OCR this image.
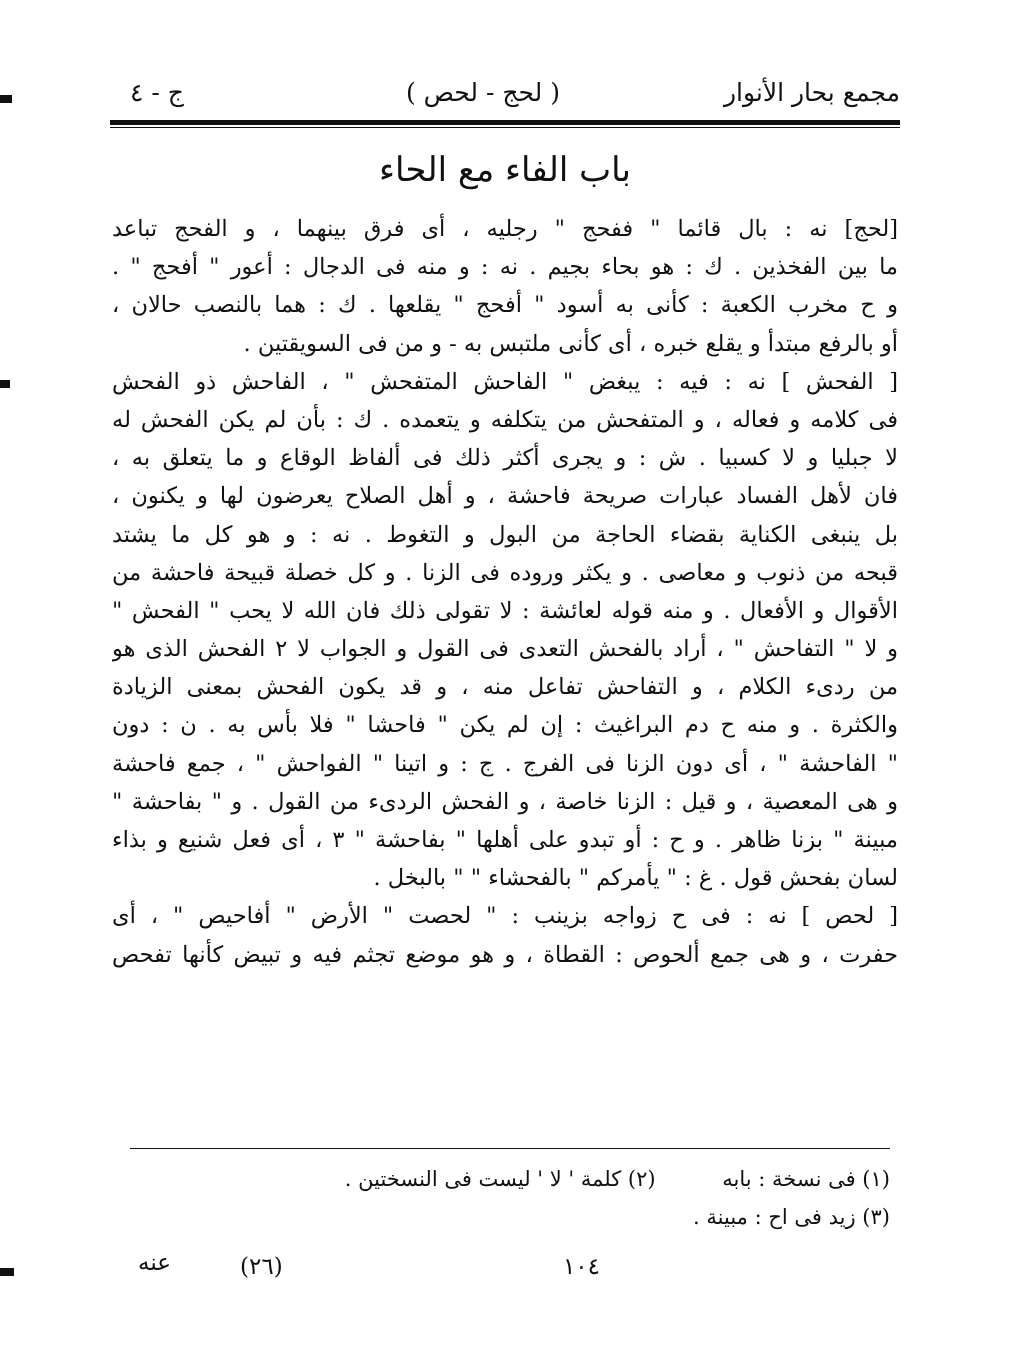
مجمع بحار الأنوار
( لحج - لحص )
ج - ٤
باب الفاء مع الحاء
[لحج] نه : بال قائما " ففحج " رجليه ، أى فرق بينهما ، و الفحج تباعد
ما بين الفخذين . ك : هو بحاء بجيم . نه : و منه فى الدجال : أعور " أفحج " .
و ح مخرب الكعبة : كأنى به أسود " أفحج " يقلعها . ك : هما بالنصب حالان ،
أو بالرفع مبتدأ و يقلع خبره ، أى كأنى ملتبس به - و من فى السويقتين .
[ الفحش ] نه : فيه : يبغض " الفاحش المتفحش " ، الفاحش ذو الفحش
فى كلامه و فعاله ، و المتفحش من يتكلفه و يتعمده . ك : بأن لم يكن الفحش له
لا جبليا و لا كسبيا . ش : و يجرى أكثر ذلك فى ألفاظ الوقاع و ما يتعلق به ،
فان لأهل الفساد عبارات صريحة فاحشة ، و أهل الصلاح يعرضون لها و يكنون ،
بل ينبغى الكناية بقضاء الحاجة من البول و التغوط . نه : و هو كل ما يشتد
قبحه من ذنوب و معاصى . و يكثر وروده فى الزنا . و كل خصلة قبيحة فاحشة من
الأقوال و الأفعال . و منه قوله لعائشة : لا تقولى ذلك فان الله لا يحب " الفحش "
و لا " التفاحش " ، أراد بالفحش التعدى فى القول و الجواب لا ٢ الفحش الذى هو
من ردىء الكلام ، و التفاحش تفاعل منه ، و قد يكون الفحش بمعنى الزيادة
والكثرة . و منه ح دم البراغيث : إن لم يكن " فاحشا " فلا بأس به . ن : دون
" الفاحشة " ، أى دون الزنا فى الفرج . ج : و اتينا " الفواحش " ، جمع فاحشة
و هى المعصية ، و قيل : الزنا خاصة ، و الفحش الردىء من القول . و " بفاحشة "
مبينة " بزنا ظاهر . و ح : أو تبدو على أهلها " بفاحشة " ٣ ، أى فعل شنيع و بذاء
لسان بفحش قول . غ : " يأمركم " بالفحشاء " " بالبخل .
[ لحص ] نه : فى ح زواجه بزينب : " لحصت " الأرض " أفاحيص " ، أى
حفرت ، و هى جمع ألحوص : القطاة ، و هو موضع تجثم فيه و تبيض كأنها تفحص
(١) فى نسخة : بابه (٢) كلمة ' لا ' ليست فى النسختين .
(٣) زيد فى اح : مبينة .
١٠٤
(٢٦)
عنه
